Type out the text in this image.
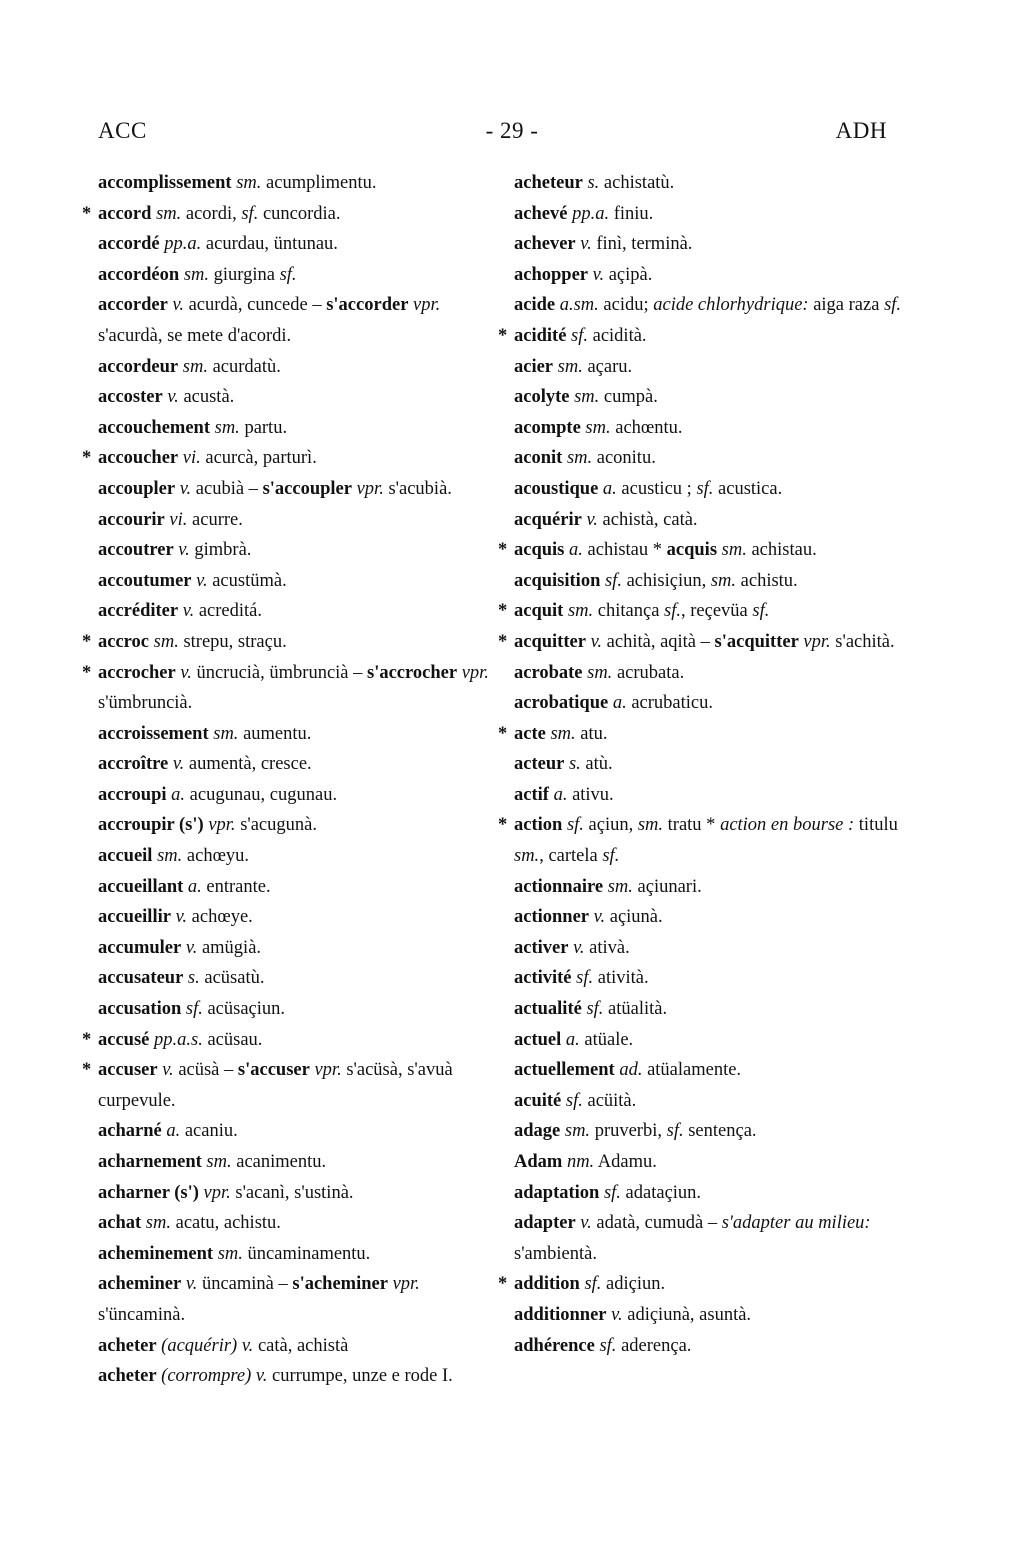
ACC	- 29 -	ADH

accomplissement sm. acumplimentu.

* accord sm. acordi, sf. cuncordia.

accordé pp.a. acurdau, üntunau.

accordéon sm. giurgina sf.

accorder v. acurdà, cuncede – s'accorder vpr. s'acurdà, se mete d'acordi.

accordeur sm. acurdatù.

accoster v. acustà.

accouchement sm. partu.

* accoucher vi. acurcà, parturì.

accoupler v. acubià – s'accoupler vpr. s'acubià.

accourir vi. acurre.

accoutrer v. gimbrà.

accoutumer v. acustümà.

accréditer v. acreditá.

* accroc sm. strepu, straçu.

* accrocher v. üncrucià, ümbruncià – s'accrocher vpr. s'ümbruncià.

accroissement sm. aumentu.

accroître v. aumentà, cresce.

accroupi a. acugunau, cugunau.

accroupir (s') vpr. s'acugunà.

accueil sm. achœyu.

accueillant a. entrante.

accueillir v. achœye.

accumuler v. amügià.

accusateur s. acüsatù.

accusation sf. acüsaçiun.

* accusé pp.a.s. acüsau.

* accuser v. acüsà – s'accuser vpr. s'acüsà, s'avuà curpevule.

acharné a. acaniu.

acharnement sm. acanimentu.

acharner (s') vpr. s'acanì, s'ustinà.

achat sm. acatu, achistu.

acheminement sm. üncaminamentu.

acheminer v. üncaminà – s'acheminer vpr. s'üncaminà.

acheter (acquérir) v. catà, achistà

acheter (corrompre) v. currumpe, unze e rode I.

acheteur s. achistatù.

achevé pp.a. finiu.

achever v. finì, terminà.

achopper v. açipà.

acide a.sm. acidu; acide chlorhydrique: aiga raza sf.

* acidité sf. acidità.

acier sm. açaru.

acolyte sm. cumpà.

acompte sm. achœntu.

aconit sm. aconitu.

acoustique a. acusticu ; sf. acustica.

acquérir v. achistà, catà.

* acquis a. achistau * acquis sm. achistau.

acquisition sf. achisiçiun, sm. achistu.

* acquit sm. chitança sf., reçevüa sf.

* acquitter v. achità, aqità – s'acquitter vpr. s'achità.

acrobate sm. acrubata.

acrobatique a. acrubaticu.

* acte sm. atu.

acteur s. atù.

actif a. ativu.

* action sf. açiun, sm. tratu * action en bourse : titulu sm., cartela sf.

actionnaire sm. açiunari.

actionner v. açiunà.

activer v. ativà.

activité sf. atività.

actualité sf. atüalità.

actuel a. atüale.

actuellement ad. atüalamente.

acuité sf. acüità.

adage sm. pruverbi, sf. sentença.

Adam nm. Adamu.

adaptation sf. adataçiun.

adapter v. adatà, cumudà – s'adapter au milieu: s'ambientà.

* addition sf. adiçiun.

additionner v. adiçiunà, asuntà.

adhérence sf. aderença.
